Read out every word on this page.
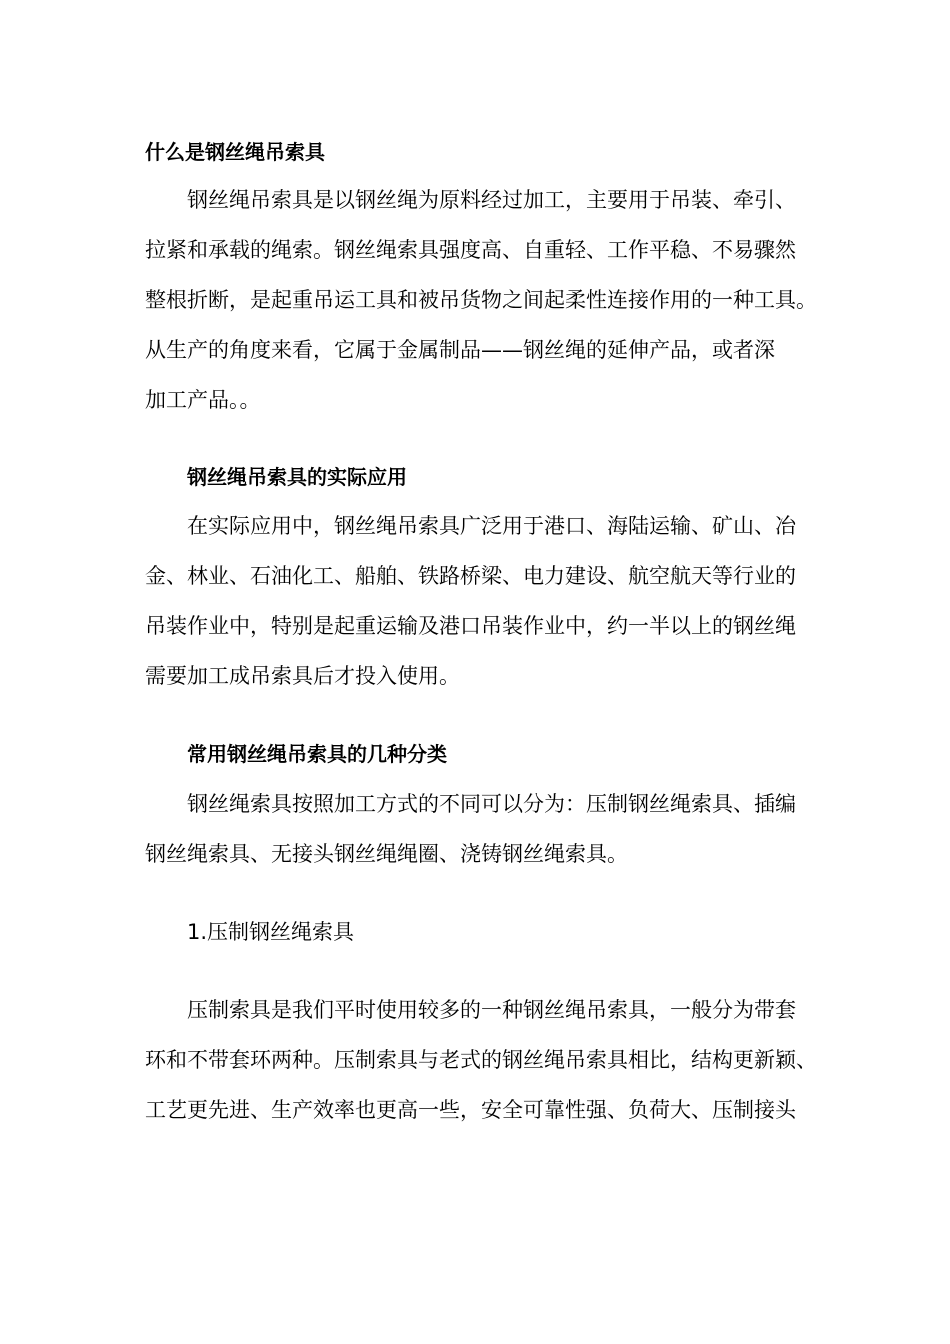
什么是钢丝绳吊索具
钢丝绳吊索具是以钢丝绳为原料经过加工，主要用于吊装、牵引、
拉紧和承载的绳索。钢丝绳索具强度高、自重轻、工作平稳、不易骤然
整根折断，是起重吊运工具和被吊货物之间起柔性连接作用的一种工具。
从生产的角度来看，它属于金属制品——钢丝绳的延伸产品，或者深
加工产品。。
钢丝绳吊索具的实际应用
在实际应用中，钢丝绳吊索具广泛用于港口、海陆运输、矿山、冶
金、林业、石油化工、船舶、铁路桥梁、电力建设、航空航天等行业的
吊装作业中，特别是起重运输及港口吊装作业中，约一半以上的钢丝绳
需要加工成吊索具后才投入使用。
常用钢丝绳吊索具的几种分类
钢丝绳索具按照加工方式的不同可以分为：压制钢丝绳索具、插编
钢丝绳索具、无接头钢丝绳绳圈、浇铸钢丝绳索具。
1.压制钢丝绳索具
压制索具是我们平时使用较多的一种钢丝绳吊索具，一般分为带套
环和不带套环两种。压制索具与老式的钢丝绳吊索具相比，结构更新颖、
工艺更先进、生产效率也更高一些，安全可靠性强、负荷大、压制接头
